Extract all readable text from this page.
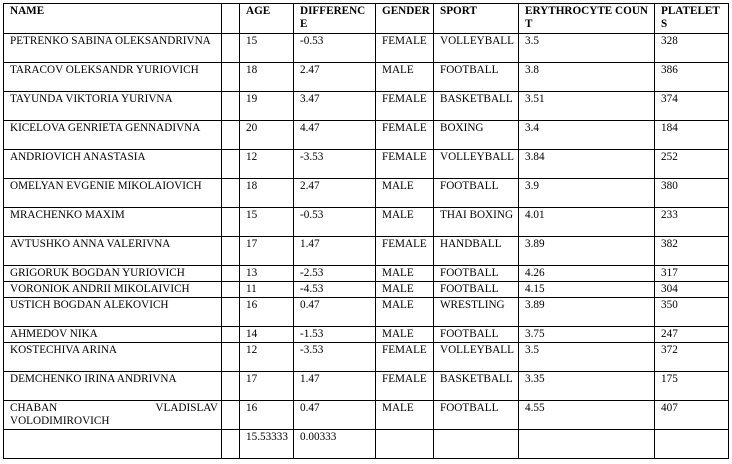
NAME		AGE	DIFFERENCE	GENDER	SPORT	ERYTHROCYTE COUNT	PLATELETS
PETRENKO SABINA OLEKSANDRIVNA		15	-0.53	FEMALE	VOLLEYBALL	3.5	328
TARACOV OLEKSANDR YURIOVICH		18	2.47	MALE	FOOTBALL	3.8	386
TAYUNDA VIKTORIA YURIVNA		19	3.47	FEMALE	BASKETBALL	3.51	374
KICELOVA GENRIETA GENNADIVNA		20	4.47	FEMALE	BOXING	3.4	184
ANDRIOVICH ANASTASIA		12	-3.53	FEMALE	VOLLEYBALL	3.84	252
OMELYAN EVGENIE MIKOLAIOVICH		18	2.47	MALE	FOOTBALL	3.9	380
MRACHENKO MAXIM		15	-0.53	MALE	THAI BOXING	4.01	233
AVTUSHKO ANNA VALERIVNA		17	1.47	FEMALE	HANDBALL	3.89	382
GRIGORUK BOGDAN YURIOVICH		13	-2.53	MALE	FOOTBALL	4.26	317
VORONIOK ANDRII MIKOLAIVICH		11	-4.53	MALE	FOOTBALL	4.15	304
USTICH BOGDAN ALEKOVICH		16	0.47	MALE	WRESTLING	3.89	350
AHMEDOV NIKA		14	-1.53	MALE	FOOTBALL	3.75	247
KOSTECHIVA ARINA		12	-3.53	FEMALE	VOLLEYBALL	3.5	372
DEMCHENKO IRINA ANDRIVNA		17	1.47	FEMALE	BASKETBALL	3.35	175
CHABAN VLADISLAV VOLODIMIROVICH		16	0.47	MALE	FOOTBALL	4.55	407
		15.53333	0.00333				
